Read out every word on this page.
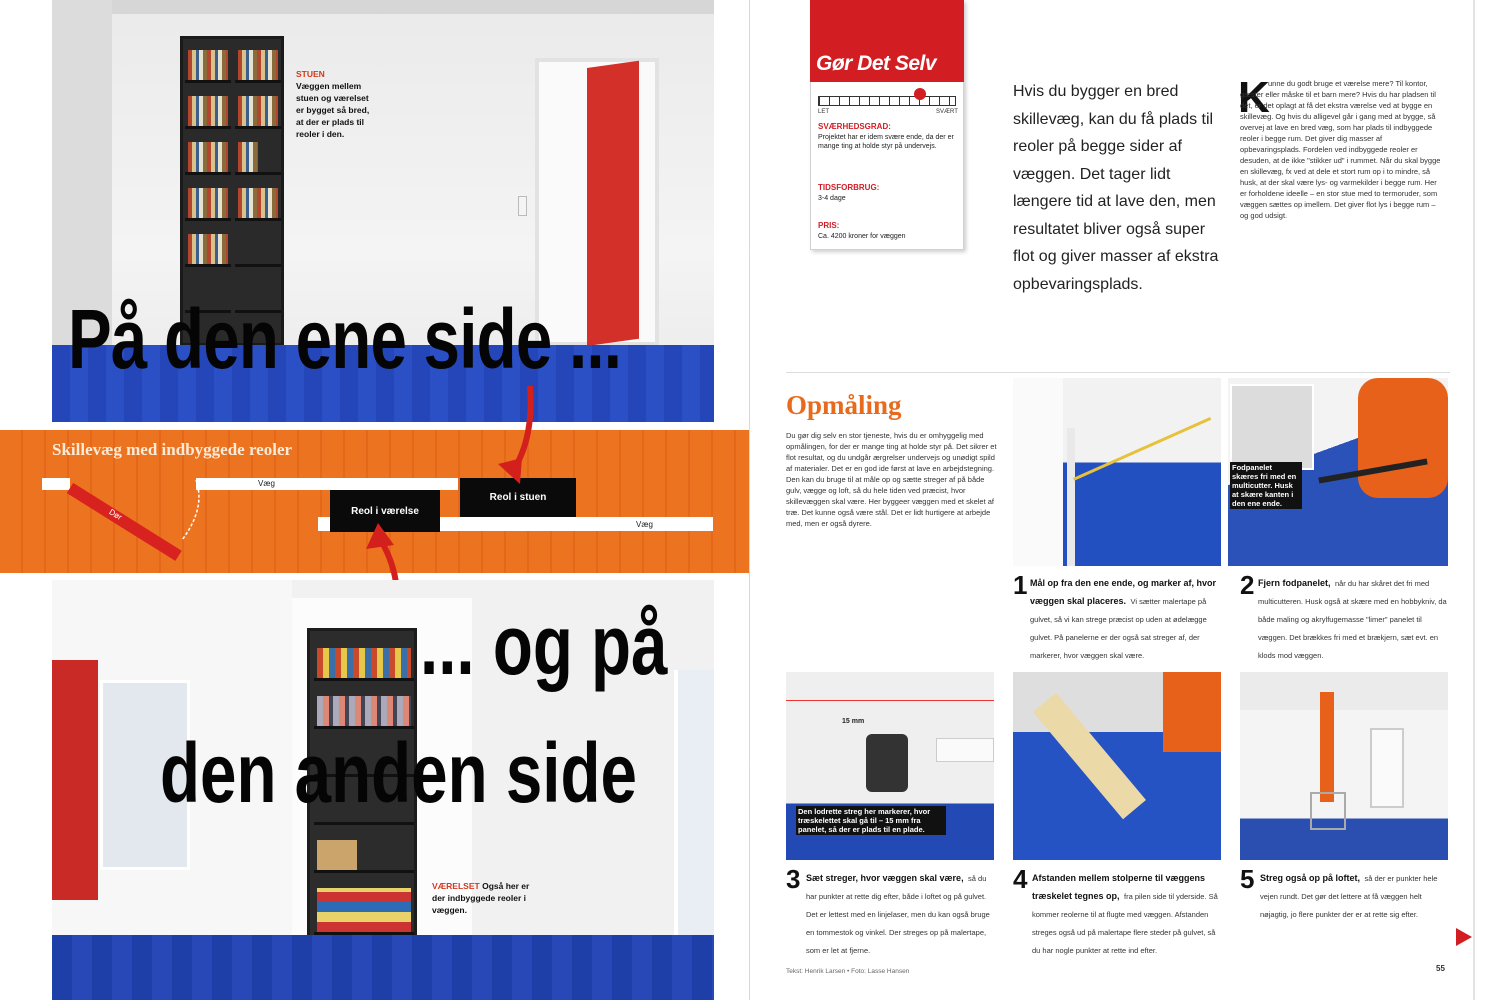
STUEN
Væggen mellem stuen og værelset er bygget så bred, at der er plads til reoler i den.
På den ene side ...
Skillevæg med indbyggede reoler
Væg
Væg
Reol i værelse
Reol i stuen
Dør
... og på
den anden side
VÆRELSET Også her er der indbyggede reoler i væggen.
Gør Det Selv
LET	SVÆRT
SVÆRHEDSGRAD:
Projektet har er idem svære ende, da der er mange ting at holde styr på undervejs.
TIDSFORBRUG:
3-4 dage
PRIS:
Ca. 4200 kroner for væggen
Hvis du bygger en bred skillevæg, kan du få plads til reoler på begge sider af væggen. Det tager lidt længere tid at lave den, men resultatet bliver også super flot og giver masser af ekstra opbevaringsplads.
K
unne du godt bruge et værelse mere? Til kontor, gæster eller måske til et barn mere? Hvis du har pladsen til det, er det oplagt at få det ekstra værelse ved at bygge en skillevæg. Og hvis du alligevel går i gang med at bygge, så overvej at lave en bred væg, som har plads til indbyggede reoler i begge rum. Det giver dig masser af opbevaringsplads. Fordelen ved indbyggede reoler er desuden, at de ikke "stikker ud" i rummet. Når du skal bygge en skillevæg, fx ved at dele et stort rum op i to mindre, så husk, at der skal være lys- og varmekilder i begge rum. Her er forholdene ideelle – en stor stue med to termoruder, som væggen sættes op imellem. Det giver flot lys i begge rum – og god udsigt.
Opmåling
Du gør dig selv en stor tjeneste, hvis du er omhyggelig med opmålingen, for der er mange ting at holde styr på. Det sikrer et flot resultat, og du undgår ærgrelser undervejs og unødigt spild af materialer. Det er en god ide først at lave en arbejdstegning. Den kan du bruge til at måle op og sætte streger af på både gulv, vægge og loft, så du hele tiden ved præcist, hvor skillevæggen skal være. Her byggeer væggen med et skelet af træ. Det kunne også være stål. Det er lidt hurtigere at arbejde med, men er også dyrere.
1 Mål op fra den ene ende, og marker af, hvor væggen skal placeres. Vi sætter malertape på gulvet, så vi kan strege præcist op uden at ødelægge gulvet. På panelerne er der også sat streger af, der markerer, hvor væggen skal være.
Fodpanelet skæres fri med en multicutter. Husk at skære kanten i den ene ende.
2 Fjern fodpanelet, når du har skåret det fri med multicutteren. Husk også at skære med en hobbykniv, da både maling og akrylfugemasse "limer" panelet til væggen. Det brækkes fri med et brækjern, sæt evt. en klods mod væggen.
15 mm
Den lodrette streg her markerer, hvor træskelettet skal gå til – 15 mm fra panelet, så der er plads til en plade.
3 Sæt streger, hvor væggen skal være, så du har punkter at rette dig efter, både i loftet og på gulvet. Det er lettest med en linjelaser, men du kan også bruge en tommestok og vinkel. Der streges op på malertape, som er let at fjerne.
4 Afstanden mellem stolperne til væggens træskelet tegnes op, fra pilen side til yderside. Så kommer reolerne til at flugte med væggen. Afstanden streges også ud på malertape flere steder på gulvet, så du har nogle punkter at rette ind efter.
5 Streg også op på loftet, så der er punkter hele vejen rundt. Det gør det lettere at få væggen helt nøjagtig, jo flere punkter der er at rette sig efter.
Tekst: Henrik Larsen • Foto: Lasse Hansen	55
